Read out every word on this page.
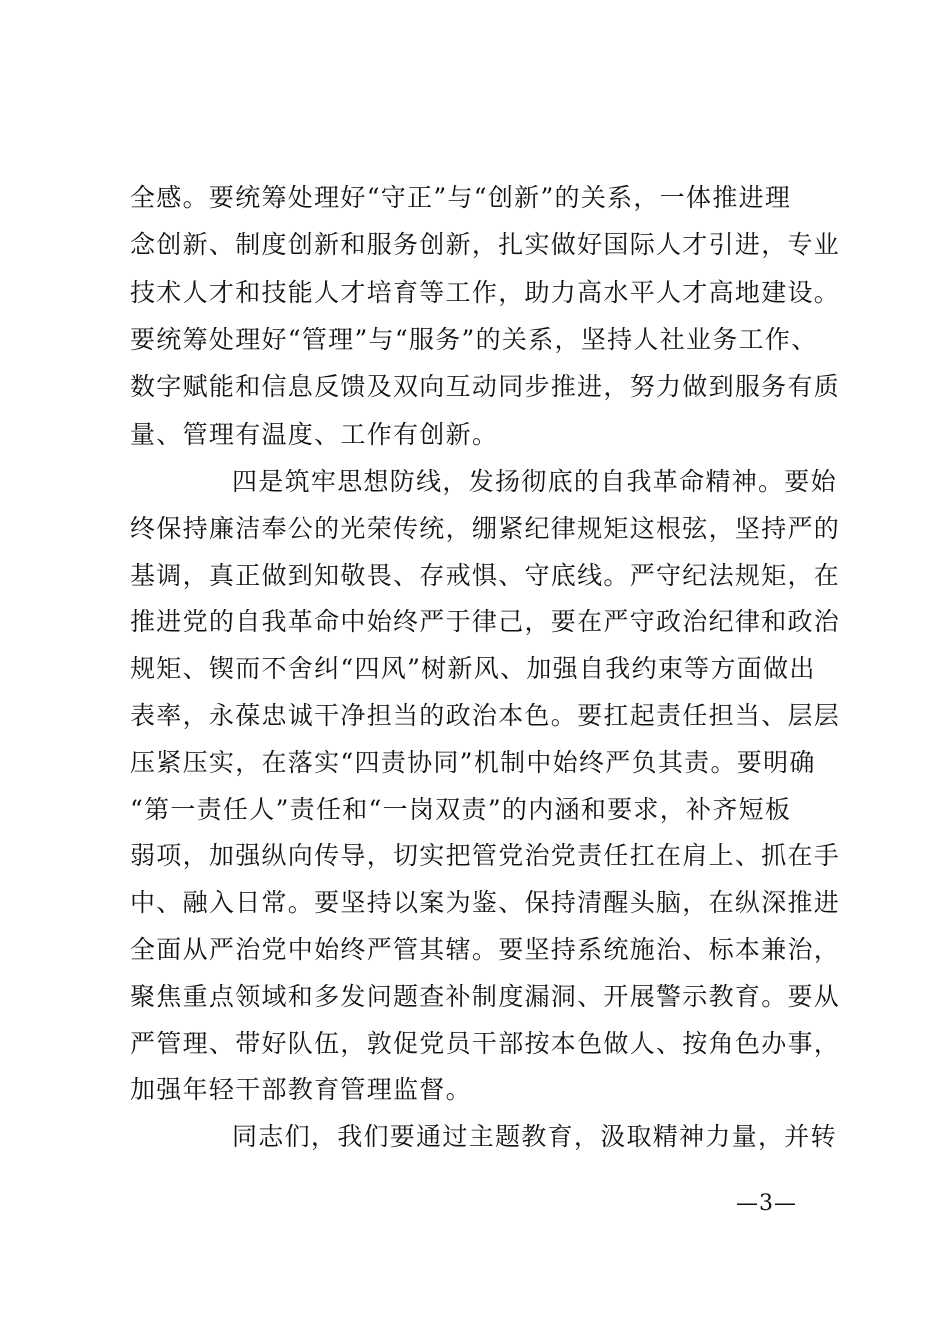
全感。要统筹处理好“守正”与“创新”的关系，一体推进理
念创新、制度创新和服务创新，扎实做好国际人才引进，专业
技术人才和技能人才培育等工作，助力高水平人才高地建设。
要统筹处理好“管理”与“服务”的关系，坚持人社业务工作、
数字赋能和信息反馈及双向互动同步推进，努力做到服务有质
量、管理有温度、工作有创新。
四是筑牢思想防线，发扬彻底的自我革命精神。要始
终保持廉洁奉公的光荣传统，绷紧纪律规矩这根弦，坚持严的
基调，真正做到知敬畏、存戒惧、守底线。严守纪法规矩，在
推进党的自我革命中始终严于律己，要在严守政治纪律和政治
规矩、锲而不舍纠“四风”树新风、加强自我约束等方面做出
表率，永葆忠诚干净担当的政治本色。要扛起责任担当、层层
压紧压实，在落实“四责协同”机制中始终严负其责。要明确
“第一责任人”责任和“一岗双责”的内涵和要求，补齐短板
弱项，加强纵向传导，切实把管党治党责任扛在肩上、抓在手
中、融入日常。要坚持以案为鉴、保持清醒头脑，在纵深推进
全面从严治党中始终严管其辖。要坚持系统施治、标本兼治，
聚焦重点领域和多发问题查补制度漏洞、开展警示教育。要从
严管理、带好队伍，敦促党员干部按本色做人、按角色办事，
加强年轻干部教育管理监督。
同志们，我们要通过主题教育，汲取精神力量，并转
—3—
